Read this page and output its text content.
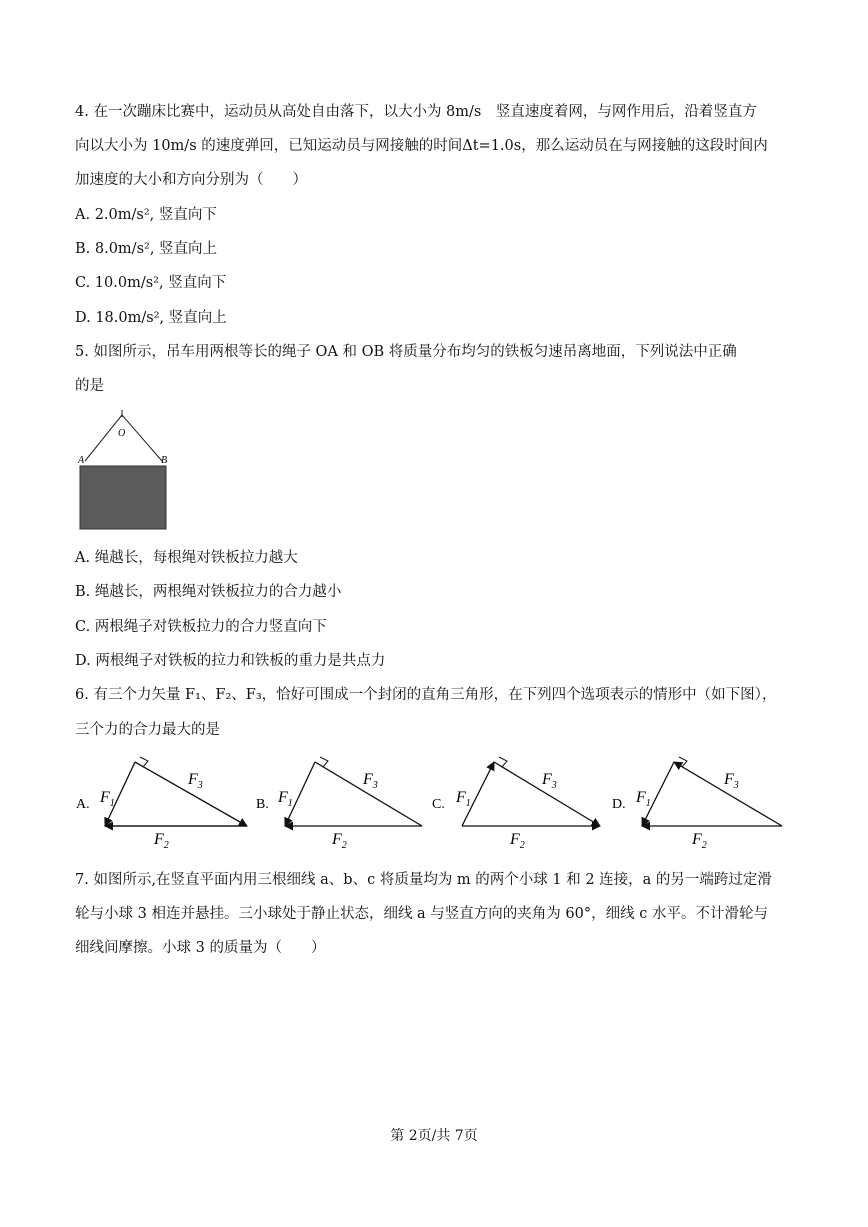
4. 在一次蹦床比赛中，运动员从高处自由落下，以大小为 8m/s　竖直速度着网，与网作用后，沿着竖直方
向以大小为 10m/s 的速度弹回，已知运动员与网接触的时间Δt=1.0s，那么运动员在与网接触的这段时间内
加速度的大小和方向分别为（　　）
A. 2.0m/s², 竖直向下
B. 8.0m/s², 竖直向上
C. 10.0m/s², 竖直向下
D. 18.0m/s², 竖直向上
5. 如图所示，吊车用两根等长的绳子 OA 和 OB 将质量分布均匀的铁板匀速吊离地面，下列说法中正确
的是
O
A	B
A. 绳越长，每根绳对铁板拉力越大
B. 绳越长，两根绳对铁板拉力的合力越小
C. 两根绳子对铁板拉力的合力竖直向下
D. 两根绳子对铁板的拉力和铁板的重力是共点力
6. 有三个力矢量 F₁、F₂、F₃，恰好可围成一个封闭的直角三角形，在下列四个选项表示的情形中（如下图），
三个力的合力最大的是
A. $F_1$
$F_3$
$F_2$
B. $F_1$
$F_3$
$F_2$
C. $F_1$
$F_3$
$F_2$
D. $F_1$
$F_3$
$F_2$
7. 如图所示,在竖直平面内用三根细线 a、b、c 将质量均为 m 的两个小球 1 和 2 连接，a 的另一端跨过定滑
轮与小球 3 相连并悬挂。三小球处于静止状态，细线 a 与竖直方向的夹角为 60°，细线 c 水平。不计滑轮与
细线间摩擦。小球 3 的质量为（　　）
第 2页/共 7页
